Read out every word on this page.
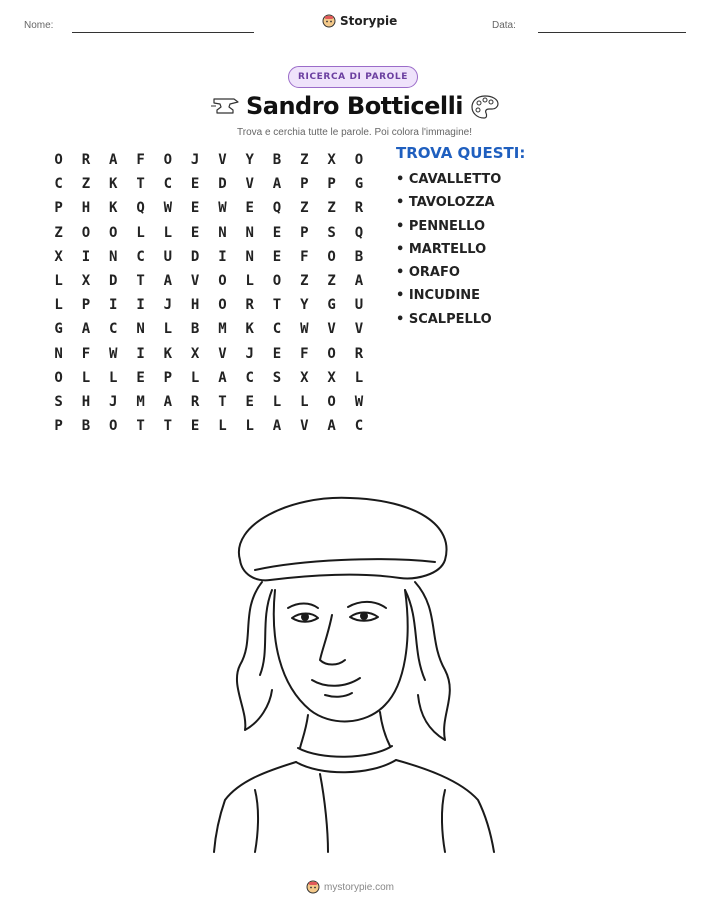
Nome:	Storypie	Data:
RICERCA DI PAROLE
Sandro Botticelli
Trova e cerchia tutte le parole. Poi colora l'immagine!
O	R	A	F	O	J	V	Y	B	Z	X	O
C	Z	K	T	C	E	D	V	A	P	P	G
P	H	K	Q	W	E	W	E	Q	Z	Z	R
Z	O	O	L	L	E	N	N	E	P	S	Q
X	I	N	C	U	D	I	N	E	F	O	B
L	X	D	T	A	V	O	L	O	Z	Z	A
L	P	I	I	J	H	O	R	T	Y	G	U
G	A	C	N	L	B	M	K	C	W	V	V
N	F	W	I	K	X	V	J	E	F	O	R
O	L	L	E	P	L	A	C	S	X	X	L
S	H	J	M	A	R	T	E	L	L	O	W
P	B	O	T	T	E	L	L	A	V	A	C
TROVA QUESTI:
• CAVALLETTO
• TAVOLOZZA
• PENNELLO
• MARTELLO
• ORAFO
• INCUDINE
• SCALPELLO
mystorypie.com
